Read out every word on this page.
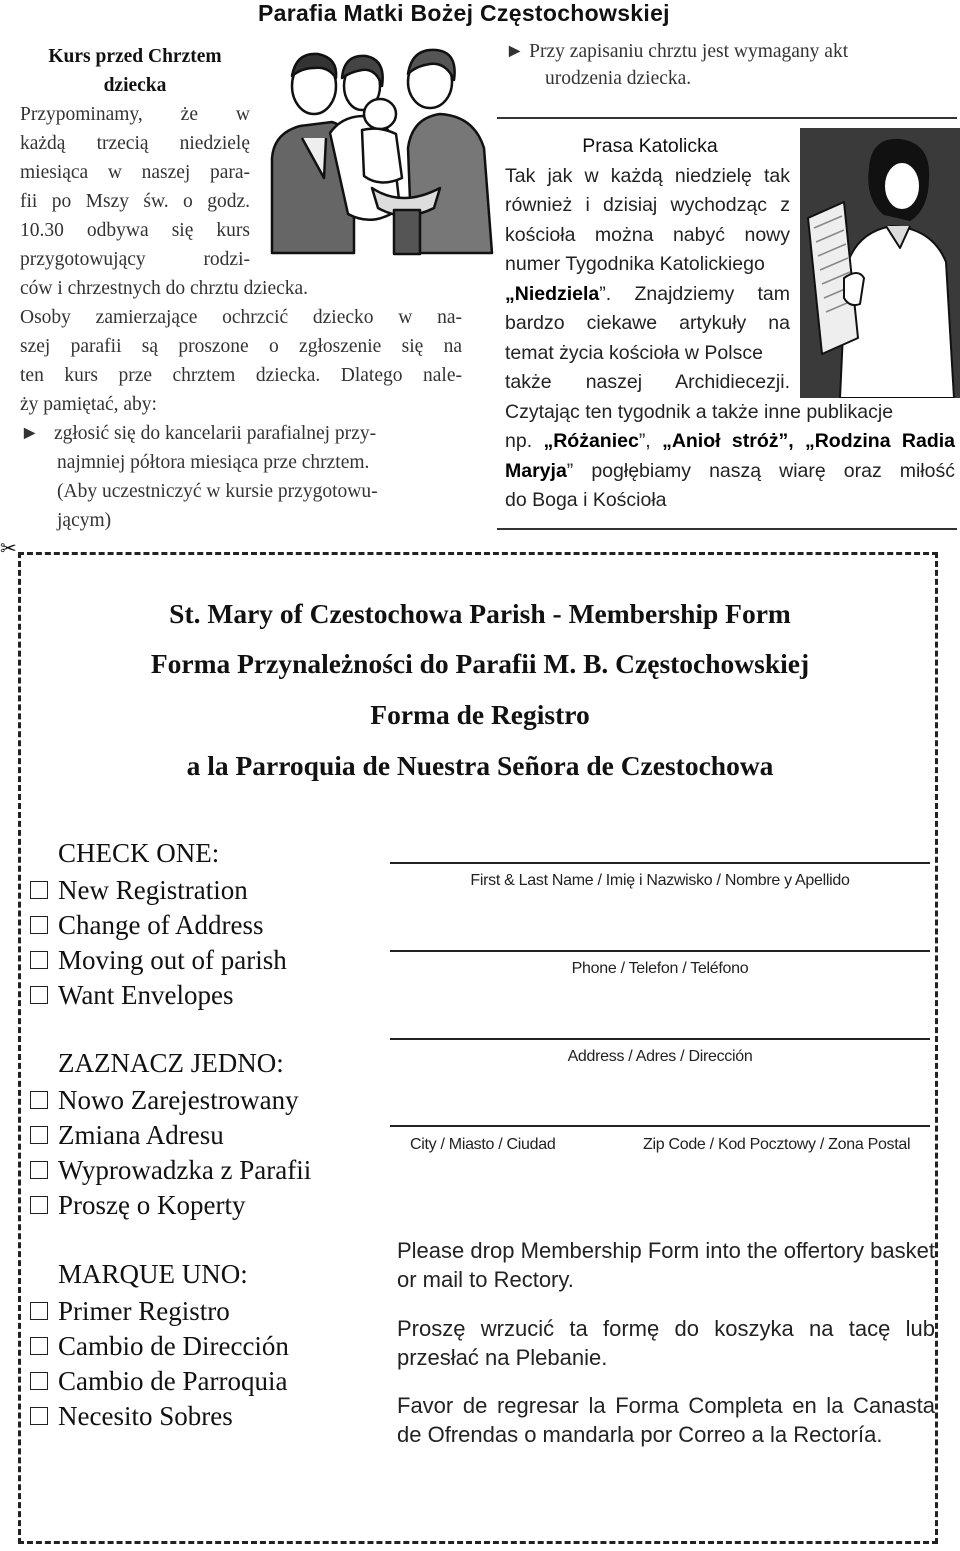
Parafia Matki Bożej Częstochowskiej
Kurs przed Chrztem
dziecka
Przypominamy, że w
każdą trzecią niedzielę
miesiąca w naszej para-
fii po Mszy św. o godz.
10.30 odbywa się kurs
przygotowujący rodzi-
ców i chrzestnych do chrztu dziecka.
Osoby zamierzające ochrzcić dziecko w na-
szej parafii są proszone o zgłoszenie się na
ten kurs prze chrztem dziecka. Dlatego nale-
ży pamiętać, aby:
► zgłosić się do kancelarii parafialnej przy-
najmniej półtora miesiąca prze chrztem.
(Aby uczestniczyć w kursie przygotowu-
jącym)
► Przy zapisaniu chrztu jest wymagany akt
urodzenia dziecka.
Prasa Katolicka
Tak jak w każdą niedzielę tak
również i dzisiaj wychodząc z
kościoła można nabyć nowy
numer Tygodnika Katolickiego
„Niedziela”. Znajdziemy tam
bardzo ciekawe artykuły na
temat życia kościoła w Polsce
także naszej Archidiecezji.
Czytając ten tygodnik a także inne publikacje
np. „Różaniec”, „Anioł stróż”, „Rodzina Radia
Maryja” pogłębiamy naszą wiarę oraz miłość
do Boga i Kościoła
✂
St. Mary of Czestochowa Parish - Membership Form
Forma Przynależności do Parafii M. B. Częstochowskiej
Forma de Registro
a la Parroquia de Nuestra Señora de Czestochowa
CHECK ONE:
New Registration
Change of Address
Moving out of parish
Want Envelopes
ZAZNACZ JEDNO:
Nowo Zarejestrowany
Zmiana Adresu
Wyprowadzka z Parafii
Proszę o Koperty
MARQUE UNO:
Primer Registro
Cambio de Dirección
Cambio de Parroquia
Necesito Sobres
First & Last Name / Imię i Nazwisko / Nombre y Apellido
Phone / Telefon / Teléfono
Address / Adres / Dirección
City / Miasto / Ciudad	Zip Code / Kod Pocztowy / Zona Postal
Please drop Membership Form into the offertory basket or mail to Rectory.
Proszę wrzucić ta formę do koszyka na tacę lub przesłać na Plebanie.
Favor de regresar la Forma Completa en la Canasta de Ofrendas o mandarla por Correo a la Rectoría.
